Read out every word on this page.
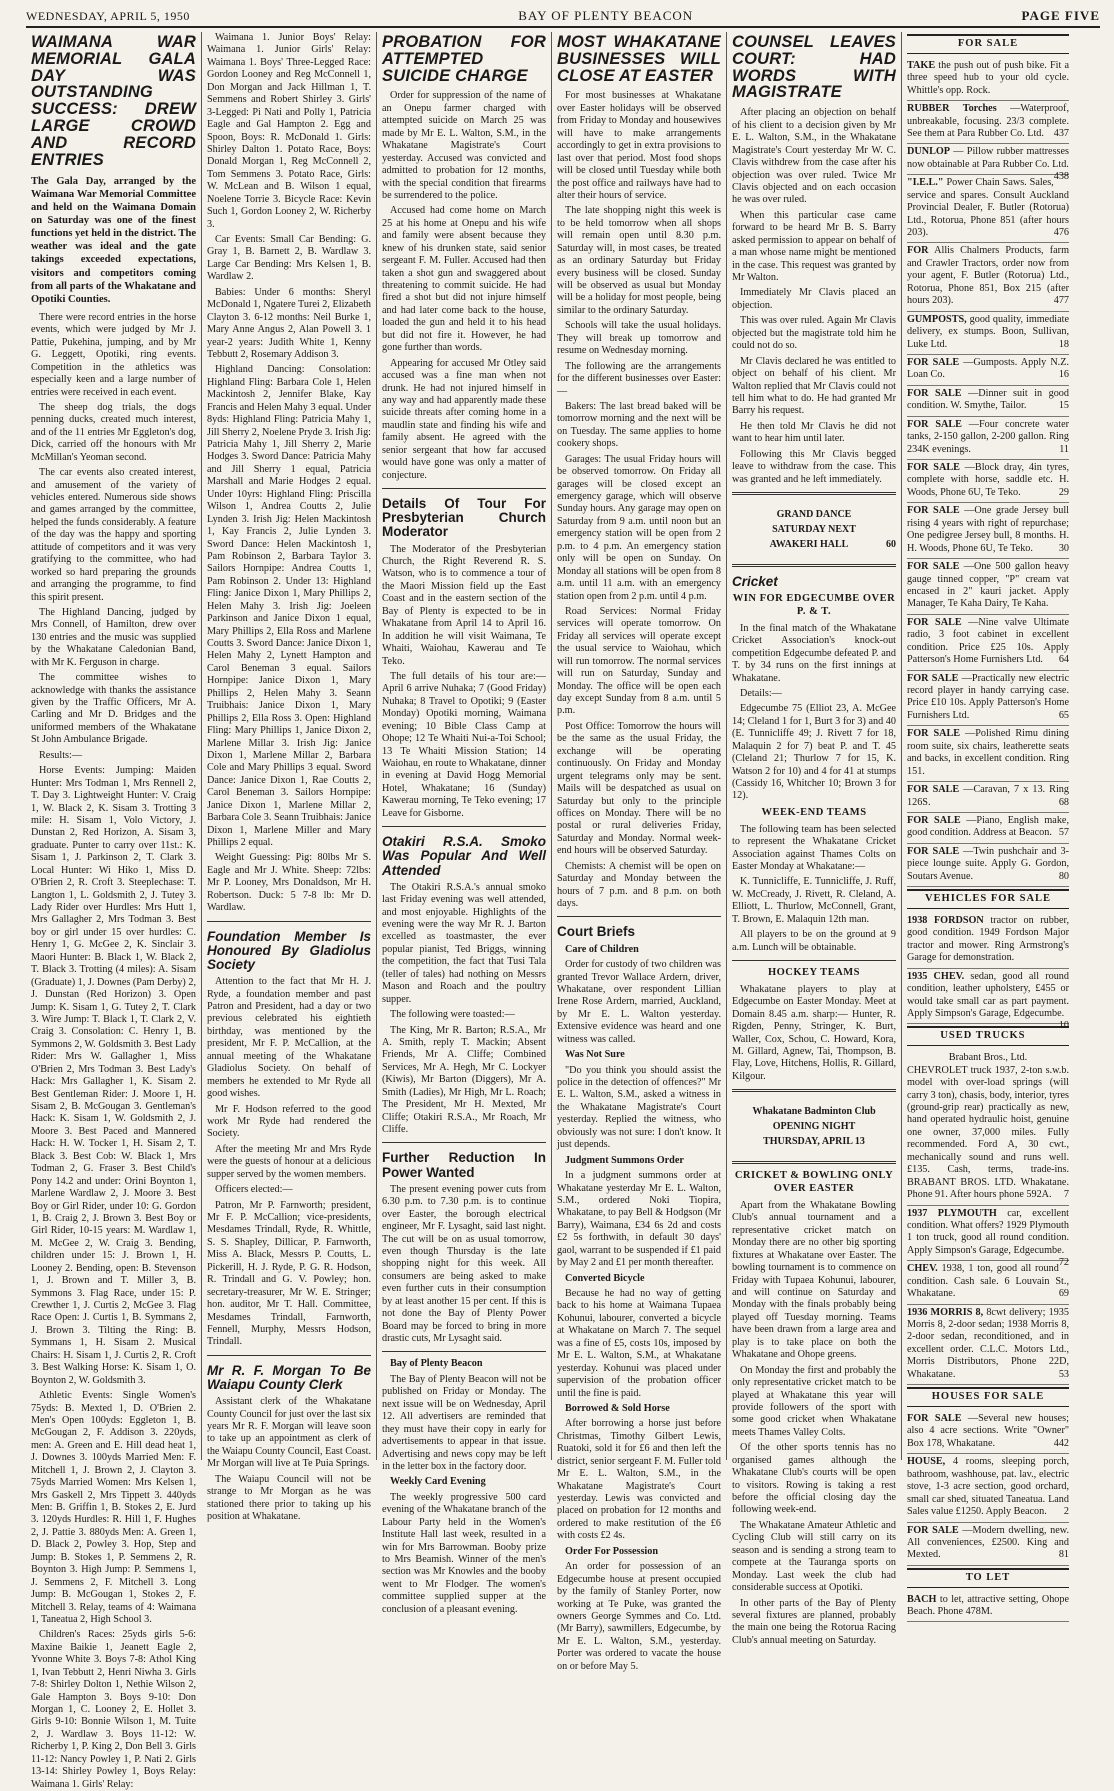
WEDNESDAY, APRIL 5, 1950	BAY OF PLENTY BEACON	PAGE FIVE
WAIMANA WAR MEMORIAL GALA DAY WAS OUTSTANDING SUCCESS: DREW LARGE CROWD AND RECORD ENTRIES
The Gala Day, arranged by the Waimana War Memorial Committee and held on the Waimana Domain on Saturday was one of the finest functions yet held in the district. The weather was ideal and the gate takings exceeded expectations, visitors and competitors coming from all parts of the Whakatane and Opotiki Counties.

There were record entries in the horse events, which were judged by Mr J. Pattie, Pukehina, jumping, and by Mr G. Leggett, Opotiki, ring events. Competition in the athletics was especially keen and a large number of entries were received in each event.

The sheep dog trials, the dogs penning ducks, created much interest, and of the 11 entries Mr Eggleton's dog, Dick, carried off the honours with Mr McMillan's Yeoman second.

The car events also created interest, and amusement of the variety of vehicles entered. Numerous side shows and games arranged by the committee, helped the funds considerably. A feature of the day was the happy and sporting attitude of competitors and it was very gratifying to the committee, who had worked so hard preparing the grounds and arranging the programme, to find this spirit present.

The Highland Dancing, judged by Mrs Connell, of Hamilton, drew over 130 entries and the music was supplied by the Whakatane Caledonian Band, with Mr K. Ferguson in charge.

The committee wishes to acknowledge with thanks the assistance given by the Traffic Officers, Mr A. Carling and Mr D. Bridges and the uniformed members of the Whakatane St John Ambulance Brigade.

Results:—

Horse Events: Jumping: Maiden Hunter: Mrs Todman 1, Mrs Rennell 2, T. Day 3. Lightweight Hunter: V. Craig 1, W. Black 2, K. Sisam 3. Trotting 3 mile: H. Sisam 1, Volo Victory, J. Dunstan 2, Red Horizon, A. Sisam 3, graduate. Punter to carry over 11st.: K. Sisam 1, J. Parkinson 2, T. Clark 3. Local Hunter: Wi Hiko 1, Miss D. O'Brien 2, R. Croft 3. Steeplechase: T. Langton 1, L. Goldsmith 2, J. Tutey 3. Lady Rider over Hurdles: Mrs Hutt 1, Mrs Gallagher 2, Mrs Todman 3. Best boy or girl under 15 over hurdles: C. Henry 1, G. McGee 2, K. Sinclair 3. Maori Hunter: B. Black 1, W. Black 2, T. Black 3. Trotting (4 miles): A. Sisam (Graduate) 1, J. Downes (Pam Derby) 2, J. Dunstan (Red Horizon) 3. Open Jump: K. Sisam 1, G. Tutey 2, T. Clark 3. Wire Jump: T. Black 1, T. Clark 2, V. Craig 3. Consolation: C. Henry 1, B. Symmons 2, W. Goldsmith 3. Best Lady Rider: Mrs W. Gallagher 1, Miss O'Brien 2, Mrs Todman 3. Best Lady's Hack: Mrs Gallagher 1, K. Sisam 2. Best Gentleman Rider: J. Moore 1, H. Sisam 2, B. McGougan 3. Gentleman's Hack: K. Sisam 1, W. Goldsmith 2, J. Moore 3. Best Paced and Mannered Hack: H. W. Tocker 1, H. Sisam 2, T. Black 3. Best Cob: W. Black 1, Mrs Todman 2, G. Fraser 3. Best Child's Pony 14.2 and under: Orini Boynton 1, Marlene Wardlaw 2, J. Moore 3. Best Boy or Girl Rider, under 10: G. Gordon 1, B. Craig 2, J. Brown 3. Best Boy or Girl Rider, 10-15 years: M. Wardlaw 1, M. McGee 2, W. Craig 3. Bending, children under 15: J. Brown 1, H. Looney 2. Bending, open: B. Stevenson 1, J. Brown and T. Miller 3, B. Symmons 3. Flag Race, under 15: P. Crewther 1, J. Curtis 2, McGee 3. Flag Race Open: J. Curtis 1, B. Symmans 2, J. Brown 3. Tilting the Ring: B. Symmans 1, H. Sisam 2. Musical Chairs: H. Sisam 1, J. Curtis 2, R. Croft 3. Best Walking Horse: K. Sisam 1, O. Boynton 2, W. Goldsmith 3.

Athletic Events: Single Women's 75yds: B. Mexted 1, D. O'Brien 2. Men's Open 100yds: Eggleton 1, B. McGougan 2, F. Addison 3. 220yds, men: A. Green and E. Hill dead heat 1, J. Downes 3. 100yds Married Men: F. Mitchell 1, J. Brown 2, J. Clayton 3. 75yds Married Women: Mrs Kelsen 1, Mrs Gaskell 2, Mrs Tippett 3. 440yds Men: B. Griffin 1, B. Stokes 2, E. Jurd 3. 120yds Hurdles: R. Hill 1, F. Hughes 2, J. Pattie 3. 880yds Men: A. Green 1, D. Black 2, Powley 3. Hop, Step and Jump: B. Stokes 1, P. Semmens 2, R. Boynton 3. High Jump: P. Semmens 1, J. Semmens 2, F. Mitchell 3. Long Jump: B. McGougan 1, Stokes 2, F. Mitchell 3. Relay, teams of 4: Waimana 1, Taneatua 2, High School 3.

Children's Races: 25yds girls 5-6: Maxine Baikie 1, Jeanett Eagle 2, Yvonne White 3. Boys 7-8: Athol King 1, Ivan Tebbutt 2, Henri Niwha 3. Girls 7-8: Shirley Dolton 1, Nethie Wilson 2, Gale Hampton 3. Boys 9-10: Don Morgan 1, C. Looney 2, E. Hollet 3. Girls 9-10: Bonnie Wilson 1, M. Tuite 2, J. Wardlaw 3. Boys 11-12: W. Richerby 1, P. King 2, Don Bell 3. Girls 11-12: Nancy Powley 1, P. Nati 2. Girls 13-14: Shirley Powley 1, Boys Relay: Waimana 1. Girls' Relay:

Waimana 1. Junior Boys' Relay: Waimana 1. Junior Girls' Relay: Waimana 1. Boys' Three-Legged Race: Gordon Looney and Reg McConnell 1, Don Morgan and Jack Hillman 1, T. Semmens and Robert Shirley 3. Girls' 3-Legged: Pi Nati and Polly 1, Patricia Eagle and Gal Hampton 2. Egg and Spoon, Boys: R. McDonald 1. Girls: Shirley Dalton 1. Potato Race, Boys: Donald Morgan 1, Reg McConnell 2, Tom Semmens 3. Potato Race, Girls: W. McLean and B. Wilson 1 equal, Noelene Torrie 3. Bicycle Race: Kevin Such 1, Gordon Looney 2, W. Richerby 3.

Car Events: Small Car Bending: G. Gray 1, B. Barnett 2, B. Wardlaw 3. Large Car Bending: Mrs Kelsen 1, B. Wardlaw 2.

Babies: Under 6 months: Sheryl McDonald 1, Ngatere Turei 2, Elizabeth Clayton 3. 6-12 months: Neil Burke 1, Mary Anne Angus 2, Alan Powell 3. 1 year-2 years: Judith White 1, Kenny Tebbutt 2, Rosemary Addison 3.

Highland Dancing: Consolation: Highland Fling: Barbara Cole 1, Helen Mackintosh 2, Jennifer Blake, Kay Francis and Helen Mahy 3 equal. Under 8yds: Highland Fling: Patricia Mahy 1, Jill Sherry 2, Noelene Pryde 3. Irish Jig: Patricia Mahy 1, Jill Sherry 2, Marie Hodges 3. Sword Dance: Patricia Mahy and Jill Sherry 1 equal, Patricia Marshall and Marie Hodges 2 equal. Under 10yrs: Highland Fling: Priscilla Wilson 1, Andrea Coutts 2, Julie Lynden 3. Irish Jig: Helen Mackintosh 1, Kay Francis 2, Julie Lynden 3. Sword Dance: Helen Mackintosh 1, Pam Robinson 2, Barbara Taylor 3. Sailors Hornpipe: Andrea Coutts 1, Pam Robinson 2. Under 13: Highland Fling: Janice Dixon 1, Mary Phillips 2, Helen Mahy 3. Irish Jig: Joeleen Parkinson and Janice Dixon 1 equal, Mary Phillips 2, Ella Ross and Marlene Coutts 3. Sword Dance: Janice Dixon 1, Helen Mahy 2, Lynett Hampton and Carol Beneman 3 equal. Sailors Hornpipe: Janice Dixon 1, Mary Phillips 2, Helen Mahy 3. Seann Truibhais: Janice Dixon 1, Mary Phillips 2, Ella Ross 3. Open: Highland Fling: Mary Phillips 1, Janice Dixon 2, Marlene Millar 3. Irish Jig: Janice Dixon 1, Marlene Millar 2, Barbara Cole and Mary Phillips 3 equal. Sword Dance: Janice Dixon 1, Rae Coutts 2, Carol Beneman 3. Sailors Hornpipe: Janice Dixon 1, Marlene Millar 2, Barbara Cole 3. Seann Truibhais: Janice Dixon 1, Marlene Miller and Mary Phillips 2 equal.

Weight Guessing: Pig: 80lbs Mr S. Eagle and Mr J. White. Sheep: 72lbs: Mr P. Looney, Mrs Donaldson, Mr H. Robertson. Duck: 5 7-8 lb: Mr D. Wardlaw.

Foundation Member Is Honoured By Gladiolus Society

Attention to the fact that Mr H. J. Ryde, a foundation member and past Patron and President, had a day or two previous celebrated his eightieth birthday, was mentioned by the president, Mr F. P. McCallion, at the annual meeting of the Whakatane Gladiolus Society. On behalf of members he extended to Mr Ryde all good wishes.

Mr F. Hodson referred to the good work Mr Ryde had rendered the Society.

After the meeting Mr and Mrs Ryde were the guests of honour at a delicious supper served by the women members.

Officers elected:—

Patron, Mr P. Farnworth; president, Mr F. P. McCallion; vice-presidents, Mesdames Trindall, Ryde, R. Whittle, S. S. Shapley, Dillicar, P. Farnworth, Miss A. Black, Messrs P. Coutts, L. Pickerill, H. J. Ryde, P. G. R. Hodson, R. Trindall and G. V. Powley; hon. secretary-treasurer, Mr W. E. Stringer; hon. auditor, Mr T. Hall. Committee, Mesdames Trindall, Farnworth, Fennell, Murphy, Messrs Hodson, Trindall.

Mr R. F. Morgan To Be Waiapu County Clerk

Assistant clerk of the Whakatane County Council for just over the last six years Mr R. F. Morgan will leave soon to take up an appointment as clerk of the Waiapu County Council, East Coast. Mr Morgan will live at Te Puia Springs.

The Waiapu Council will not be strange to Mr Morgan as he was stationed there prior to taking up his position at Whakatane.

PROBATION FOR ATTEMPTED SUICIDE CHARGE

Order for suppression of the name of an Onepu farmer charged with attempted suicide on March 25 was made by Mr E. L. Walton, S.M., in the Whakatane Magistrate's Court yesterday. Accused was convicted and admitted to probation for 12 months, with the special condition that firearms be surrendered to the police.

Accused had come home on March 25 at his home at Onepu and his wife and family were absent because they knew of his drunken state, said senior sergeant F. M. Fuller. Accused had then taken a shot gun and swaggered about threatening to commit suicide. He had fired a shot but did not injure himself and had later come back to the house, loaded the gun and held it to his head but did not fire it. However, he had gone further than words.

Appearing for accused Mr Otley said accused was a fine man when not drunk. He had not injured himself in any way and had apparently made these suicide threats after coming home in a maudlin state and finding his wife and family absent. He agreed with the senior sergeant that how far accused would have gone was only a matter of conjecture.

Details Of Tour For Presbyterian Church Moderator

The Moderator of the Presbyterian Church, the Right Reverend R. S. Watson, who is to commence a tour of the Maori Mission field up the East Coast and in the eastern section of the Bay of Plenty is expected to be in Whakatane from April 14 to April 16. In addition he will visit Waimana, Te Whaiti, Waiohau, Kawerau and Te Teko.

The full details of his tour are:— April 6 arrive Nuhaka; 7 (Good Friday) Nuhaka; 8 Travel to Opotiki; 9 (Easter Monday) Opotiki morning, Waimana evening; 10 Bible Class Camp at Ohope; 12 Te Whaiti Nui-a-Toi School; 13 Te Whaiti Mission Station; 14 Waiohau, en route to Whakatane, dinner in evening at David Hogg Memorial Hotel, Whakatane; 16 (Sunday) Kawerau morning, Te Teko evening; 17 Leave for Gisborne.

Otakiri R.S.A. Smoko Was Popular And Well Attended

The Otakiri R.S.A.'s annual smoko last Friday evening was well attended, and most enjoyable. Highlights of the evening were the way Mr R. J. Barton excelled as toastmaster, the ever popular pianist, Ted Briggs, winning the competition, the fact that Tusi Tala (teller of tales) had nothing on Messrs Mason and Roach and the poultry supper.

The following were toasted:—

The King, Mr R. Barton; R.S.A., Mr A. Smith, reply T. Mackin; Absent Friends, Mr A. Cliffe; Combined Services, Mr A. Hegh, Mr C. Lockyer (Kiwis), Mr Barton (Diggers), Mr A. Smith (Ladies), Mr High, Mr L. Roach; The President, Mr H. Mexted, Mr Cliffe; Otakiri R.S.A., Mr Roach, Mr Cliffe.

Further Reduction In Power Wanted

The present evening power cuts from 6.30 p.m. to 7.30 p.m. is to continue over Easter, the borough electrical engineer, Mr F. Lysaght, said last night. The cut will be on as usual tomorrow, even though Thursday is the late shopping night for this week. All consumers are being asked to make even further cuts in their consumption by at least another 15 per cent. If this is not done the Bay of Plenty Power Board may be forced to bring in more drastic cuts, Mr Lysaght said.

Bay of Plenty Beacon

The Bay of Plenty Beacon will not be published on Friday or Monday. The next issue will be on Wednesday, April 12. All advertisers are reminded that they must have their copy in early for advertisements to appear in that issue. Advertising and news copy may be left in the letter box in the factory door.

Weekly Card Evening

The weekly progressive 500 card evening of the Whakatane branch of the Labour Party held in the Women's Institute Hall last week, resulted in a win for Mrs Barrowman. Booby prize to Mrs Beamish. Winner of the men's section was Mr Knowles and the booby went to Mr Flodger. The women's committee supplied supper at the conclusion of a pleasant evening.

MOST WHAKATANE BUSINESSES WILL CLOSE AT EASTER

For most businesses at Whakatane over Easter holidays will be observed from Friday to Monday and housewives will have to make arrangements accordingly to get in extra provisions to last over that period. Most food shops will be closed until Tuesday while both the post office and railways have had to alter their hours of service.

The late shopping night this week is to be held tomorrow when all shops will remain open until 8.30 p.m. Saturday will, in most cases, be treated as an ordinary Saturday but Friday every business will be closed. Sunday will be observed as usual but Monday will be a holiday for most people, being similar to the ordinary Saturday.

Schools will take the usual holidays. They will break up tomorrow and resume on Wednesday morning.

The following are the arrangements for the different businesses over Easter:—

Bakers: The last bread baked will be tomorrow morning and the next will be on Tuesday. The same applies to home cookery shops.

Garages: The usual Friday hours will be observed tomorrow. On Friday all garages will be closed except an emergency garage, which will observe Sunday hours. Any garage may open on Saturday from 9 a.m. until noon but an emergency station will be open from 2 p.m. to 4 p.m. An emergency station only will be open on Sunday. On Monday all stations will be open from 8 a.m. until 11 a.m. with an emergency station open from 2 p.m. until 4 p.m.

Road Services: Normal Friday services will operate tomorrow. On Friday all services will operate except the usual service to Waiohau, which will run tomorrow. The normal services will run on Saturday, Sunday and Monday. The office will be open each day except Sunday from 8 a.m. until 5 p.m.

Post Office: Tomorrow the hours will be the same as the usual Friday, the exchange will be operating continuously. On Friday and Monday urgent telegrams only may be sent. Mails will be despatched as usual on Saturday but only to the principle offices on Monday. There will be no postal or rural deliveries Friday, Saturday and Monday. Normal week-end hours will be observed Saturday.

Chemists: A chemist will be open on Saturday and Monday between the hours of 7 p.m. and 8 p.m. on both days.

Court Briefs

Care of Children

Order for custody of two children was granted Trevor Wallace Ardern, driver, Whakatane, over respondent Lillian Irene Rose Ardern, married, Auckland, by Mr E. L. Walton yesterday. Extensive evidence was heard and one witness was called.

Was Not Sure

"Do you think you should assist the police in the detection of offences?" Mr E. L. Walton, S.M., asked a witness in the Whakatane Magistrate's Court yesterday. Replied the witness, who obviously was not sure: I don't know. It just depends.

Judgment Summons Order

In a judgment summons order at Whakatane yesterday Mr E. L. Walton, S.M., ordered Noki Tiopira, Whakatane, to pay Bell & Hodgson (Mr Barry), Waimana, £34 6s 2d and costs £2 5s forthwith, in default 30 days' gaol, warrant to be suspended if £1 paid by May 2 and £1 per month thereafter.

Converted Bicycle

Because he had no way of getting back to his home at Waimana Tupaea Kohunui, labourer, converted a bicycle at Whakatane on March 7. The sequel was a fine of £5, costs 10s, imposed by Mr E. L. Walton, S.M., at Whakatane yesterday. Kohunui was placed under supervision of the probation officer until the fine is paid.

Borrowed & Sold Horse

After borrowing a horse just before Christmas, Timothy Gilbert Lewis, Ruatoki, sold it for £6 and then left the district, senior sergeant F. M. Fuller told Mr E. L. Walton, S.M., in the Whakatane Magistrate's Court yesterday. Lewis was convicted and placed on probation for 12 months and ordered to make restitution of the £6 with costs £2 4s.

Order For Possession

An order for possession of an Edgecumbe house at present occupied by the family of Stanley Porter, now working at Te Puke, was granted the owners George Symmes and Co. Ltd. (Mr Barry), sawmillers, Edgecumbe, by Mr E. L. Walton, S.M., yesterday. Porter was ordered to vacate the house on or before May 5.

COUNSEL LEAVES COURT: HAD WORDS WITH MAGISTRATE

After placing an objection on behalf of his client to a decision given by Mr E. L. Walton, S.M., in the Whakatane Magistrate's Court yesterday Mr W. C. Clavis withdrew from the case after his objection was over ruled. Twice Mr Clavis objected and on each occasion he was over ruled.

When this particular case came forward to be heard Mr B. S. Barry asked permission to appear on behalf of a man whose name might be mentioned in the case. This request was granted by Mr Walton.

Immediately Mr Clavis placed an objection.

This was over ruled. Again Mr Clavis objected but the magistrate told him he could not do so.

Mr Clavis declared he was entitled to object on behalf of his client. Mr Walton replied that Mr Clavis could not tell him what to do. He had granted Mr Barry his request.

He then told Mr Clavis he did not want to hear him until later.

Following this Mr Clavis begged leave to withdraw from the case. This was granted and he left immediately.

GRAND DANCE
SATURDAY NEXT
AWAKERI HALL	60
Cricket
WIN FOR EDGECUMBE OVER P. & T.

In the final match of the Whakatane Cricket Association's knock-out competition Edgecumbe defeated P. and T. by 34 runs on the first innings at Whakatane.

Details:—

Edgecumbe 75 (Elliot 23, A. McGee 14; Cleland 1 for 1, Burt 3 for 3) and 40 (E. Tunnicliffe 49; J. Rivett 7 for 18, Malaquin 2 for 7) beat P. and T. 45 (Cleland 21; Thurlow 7 for 15, K. Watson 2 for 10) and 4 for 41 at stumps (Cassidy 16, Whitcher 10; Brown 3 for 12).

WEEK-END TEAMS

The following team has been selected to represent the Whakatane Cricket Association against Thames Colts on Easter Monday at Whakatane:—

K. Tunnicliffe, E. Tunnicliffe, J. Ruff, W. McCready, J. Rivett, R. Cleland, A. Elliott, L. Thurlow, McConnell, Grant, T. Brown, E. Malaquin 12th man.

All players to be on the ground at 9 a.m. Lunch will be obtainable.

HOCKEY TEAMS

Whakatane players to play at Edgecumbe on Easter Monday. Meet at Domain 8.45 a.m. sharp:— Hunter, R. Rigden, Penny, Stringer, K. Burt, Waller, Cox, Schou, C. Howard, Kora, M. Gillard, Agnew, Tai, Thompson, B. Flay, Love, Hitchens, Hollis, R. Gillard, Kilgour.

Whakatane Badminton Club
OPENING NIGHT
THURSDAY, APRIL 13
CRICKET & BOWLING ONLY OVER EASTER

Apart from the Whakatane Bowling Club's annual tournament and a representative cricket match on Monday there are no other big sporting fixtures at Whakatane over Easter. The bowling tournament is to commence on Friday with Tupaea Kohunui, labourer, and will continue on Saturday and Monday with the finals probably being played off Tuesday morning. Teams have been drawn from a large area and play is to take place on both the Whakatane and Ohope greens.

On Monday the first and probably the only representative cricket match to be played at Whakatane this year will provide followers of the sport with some good cricket when Whakatane meets Thames Valley Colts.

Of the other sports tennis has no organised games although the Whakatane Club's courts will be open to visitors. Rowing is taking a rest before the official closing day the following week-end.

The Whakatane Amateur Athletic and Cycling Club will still carry on its season and is sending a strong team to compete at the Tauranga sports on Monday. Last week the club had considerable success at Opotiki.

In other parts of the Bay of Plenty several fixtures are planned, probably the main one being the Rotorua Racing Club's annual meeting on Saturday.

FOR SALE
TAKE the push out of push bike. Fit a three speed hub to your old cycle. Whittle's opp. Rock.
RUBBER Torches —Waterproof, unbreakable, focusing. 23/3 complete. See them at Para Rubber Co. Ltd. 437
DUNLOP — Pillow rubber mattresses now obtainable at Para Rubber Co. Ltd.
438
"I.E.L." Power Chain Saws. Sales, service and spares. Consult Auckland Provincial Dealer, F. Butler (Rotorua) Ltd., Rotorua, Phone 851 (after hours 203).	476
FOR Allis Chalmers Products, farm and Crawler Tractors, order now from your agent, F. Butler (Rotorua) Ltd., Rotorua, Phone 851, Box 215 (after hours 203).	477
GUMPOSTS, good quality, immediate delivery, ex stumps. Boon, Sullivan, Luke Ltd.	18
FOR SALE —Gumposts. Apply N.Z. Loan Co.	16
FOR SALE —Dinner suit in good condition. W. Smythe, Tailor.	15
FOR SALE —Four concrete water tanks, 2-150 gallon, 2-200 gallon. Ring 234K evenings.	11
FOR SALE —Block dray, 4in tyres, complete with horse, saddle etc. H. Woods, Phone 6U, Te Teko.	29
FOR SALE —One grade Jersey bull rising 4 years with right of repurchase; One pedigree Jersey bull, 8 months. H. H. Woods, Phone 6U, Te Teko.	30
FOR SALE —One 500 gallon heavy gauge tinned copper, "P" cream vat encased in 2" kauri jacket. Apply Manager, Te Kaha Dairy, Te Kaha.
FOR SALE —Nine valve Ultimate radio, 3 foot cabinet in excellent condition. Price £25 10s. Apply Patterson's Home Furnishers Ltd. 64
FOR SALE —Practically new electric record player in handy carrying case. Price £10 10s. Apply Patterson's Home Furnishers Ltd.	65
FOR SALE —Polished Rimu dining room suite, six chairs, leatherette seats and backs, in excellent condition. Ring 151.
FOR SALE —Caravan, 7 x 13. Ring 126S.	68
FOR SALE —Piano, English make, good condition. Address at Beacon. 57
FOR SALE —Twin pushchair and 3-piece lounge suite. Apply G. Gordon, Soutars Avenue.	80
VEHICLES FOR SALE
1938 FORDSON tractor on rubber, good condition. 1949 Fordson Major tractor and mower. Ring Armstrong's Garage for demonstration.
1935 CHEV. sedan, good all round condition, leather upholstery, £455 or would take small car as part payment. Apply Simpson's Garage, Edgecumbe.
10
USED TRUCKS
Brabant Bros., Ltd.
CHEVROLET truck 1937, 2-ton s.w.b. model with over-load springs (will carry 3 ton), chasis, body, interior, tyres (ground-grip rear) practically as new, hand operated hydraulic hoist, genuine one owner, 37,000 miles. Fully recommended. Ford A, 30 cwt., mechanically sound and runs well. £135. Cash, terms, trade-ins. BRABANT BROS. LTD. Whakatane. Phone 91. After hours phone 592A. 7
1937 PLYMOUTH car, excellent condition. What offers? 1929 Plymouth 1 ton truck, good all round condition. Apply Simpson's Garage, Edgecumbe.
72
CHEV. 1938, 1 ton, good all round condition. Cash sale. 6 Louvain St., Whakatane.	69
1936 MORRIS 8, 8cwt delivery; 1935 Morris 8, 2-door sedan; 1938 Morris 8, 2-door sedan, reconditioned, and in excellent order. C.L.C. Motors Ltd., Morris Distributors, Phone 22D, Whakatane.	53
HOUSES FOR SALE
FOR SALE —Several new houses; also 4 acre sections. Write "Owner" Box 178, Whakatane.	442
HOUSE, 4 rooms, sleeping porch, bathroom, washhouse, pat. lav., electric stove, 1-3 acre section, good orchard, small car shed, situated Taneatua. Land Sales value £1250. Apply Beacon. 2
FOR SALE —Modern dwelling, new. All conveniences, £2500. King and Mexted.	81
TO LET
BACH to let, attractive setting, Ohope Beach. Phone 478M.
